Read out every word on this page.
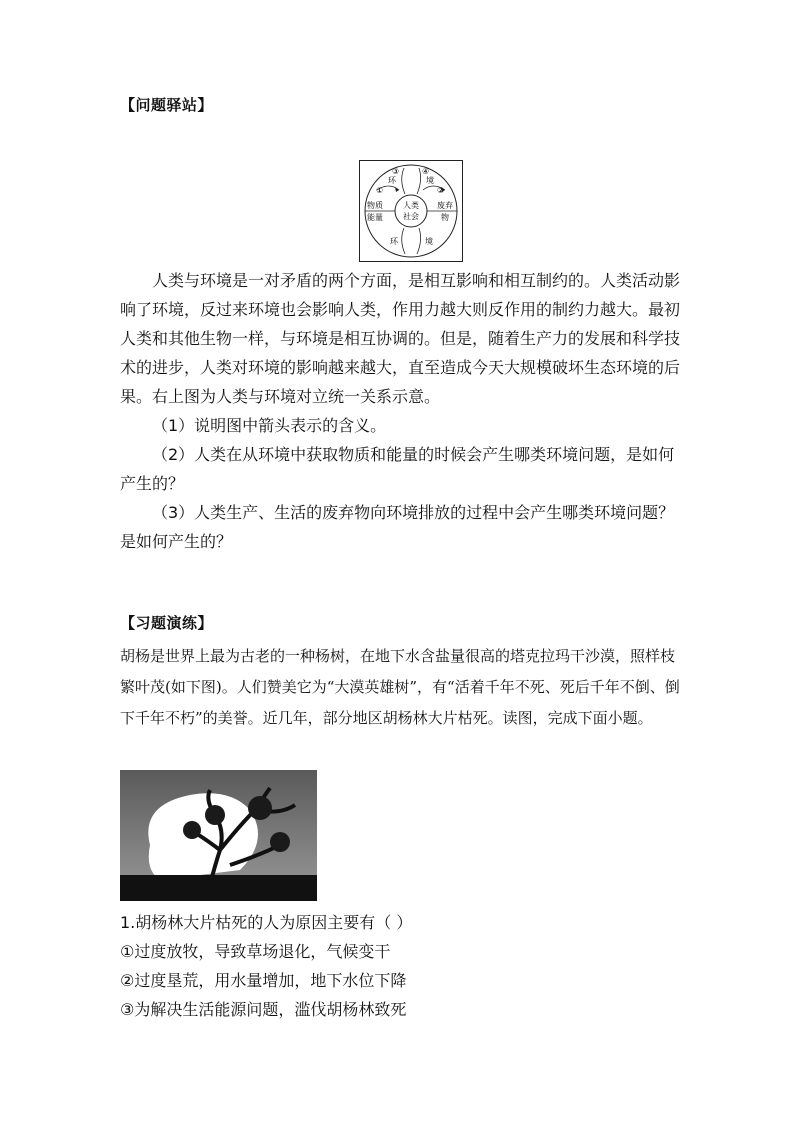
【问题驿站】
③	④
环	境
①	②
物质
能量
人类
社会
废弃
物
环	境

人类与环境是一对矛盾的两个方面，是相互影响和相互制约的。人类活动影响了环境，反过来环境也会影响人类，作用力越大则反作用的制约力越大。最初人类和其他生物一样，与环境是相互协调的。但是，随着生产力的发展和科学技术的进步，人类对环境的影响越来越大，直至造成今天大规模破坏生态环境的后果。右上图为人类与环境对立统一关系示意。

（1）说明图中箭头表示的含义。

（2）人类在从环境中获取物质和能量的时候会产生哪类环境问题，是如何产生的？

（3）人类生产、生活的废弃物向环境排放的过程中会产生哪类环境问题？是如何产生的？

【习题演练】

胡杨是世界上最为古老的一种杨树，在地下水含盐量很高的塔克拉玛干沙漠，照样枝繁叶茂(如下图)。人们赞美它为“大漠英雄树”，有“活着千年不死、死后千年不倒、倒下千年不朽”的美誉。近几年，部分地区胡杨林大片枯死。读图，完成下面小题。

1.胡杨林大片枯死的人为原因主要有（ ）

①过度放牧，导致草场退化，气候变干

②过度垦荒，用水量增加，地下水位下降

③为解决生活能源问题，滥伐胡杨林致死
